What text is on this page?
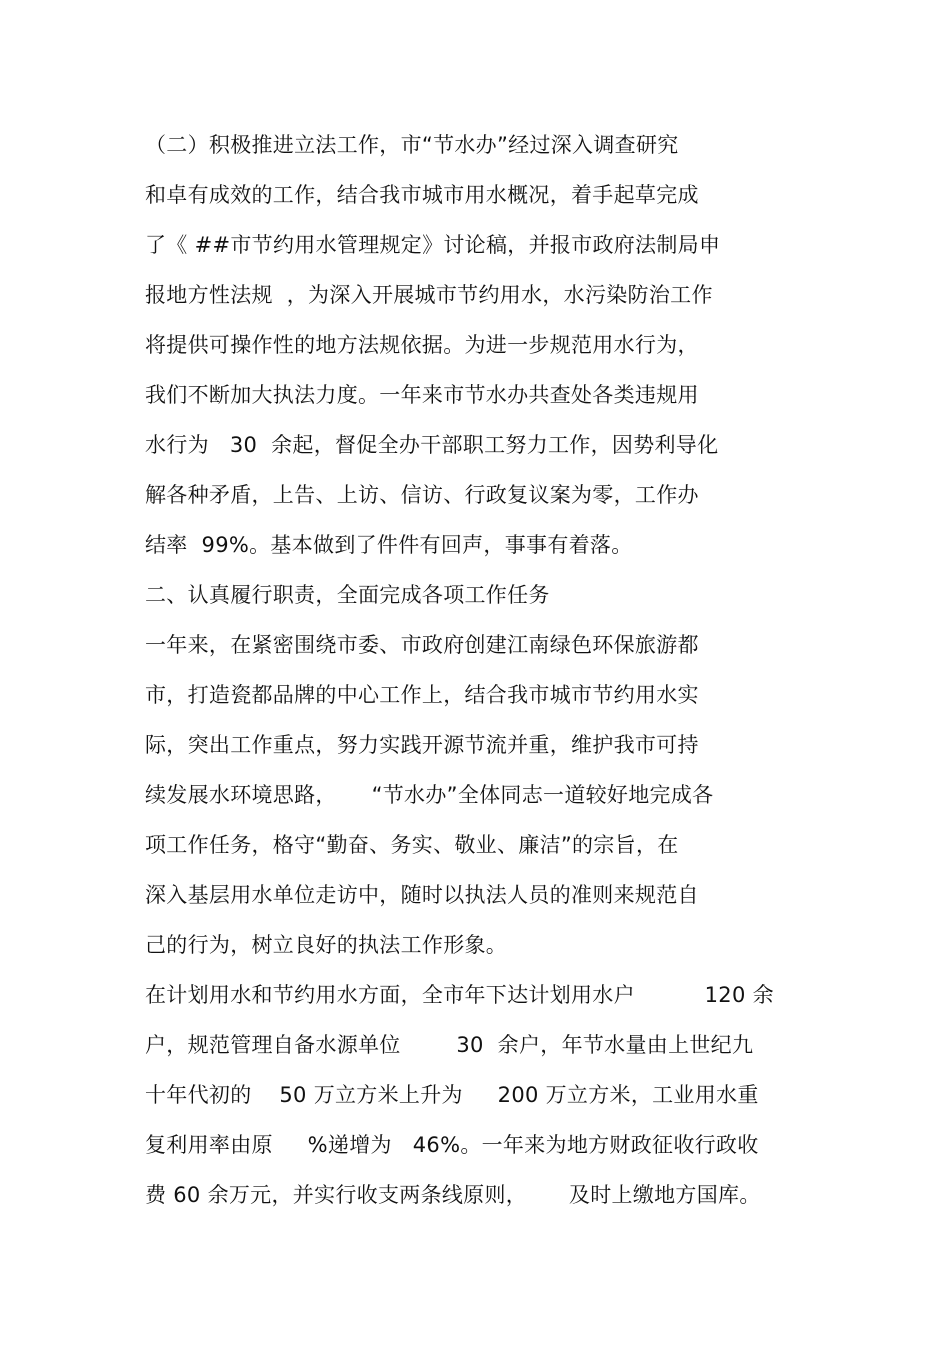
（二）积极推进立法工作，市“节水办”经过深入调查研究
和卓有成效的工作，结合我市城市用水概况，着手起草完成
了《 ##市节约用水管理规定》讨论稿，并报市政府法制局申
报地方性法规  ，为深入开展城市节约用水，水污染防治工作
将提供可操作性的地方法规依据。为进一步规范用水行为，
我们不断加大执法力度。一年来市节水办共查处各类违规用
水行为   30  余起，督促全办干部职工努力工作，因势利导化
解各种矛盾，上告、上访、信访、行政复议案为零，工作办
结率  99%。基本做到了件件有回声，事事有着落。
二、认真履行职责，全面完成各项工作任务
一年来，在紧密围绕市委、市政府创建江南绿色环保旅游都
市，打造瓷都品牌的中心工作上，结合我市城市节约用水实
际，突出工作重点，努力实践开源节流并重，维护我市可持
续发展水环境思路，     “节水办”全体同志一道较好地完成各
项工作任务，格守“勤奋、务实、敬业、廉洁”的宗旨，在
深入基层用水单位走访中，随时以执法人员的准则来规范自
己的行为，树立良好的执法工作形象。
在计划用水和节约用水方面，全市年下达计划用水户          120 余
户，规范管理自备水源单位        30  余户，年节水量由上世纪九
十年代初的    50 万立方米上升为     200 万立方米，工业用水重
复利用率由原     %递增为   46%。一年来为地方财政征收行政收
费 60 余万元，并实行收支两条线原则，      及时上缴地方国库。
